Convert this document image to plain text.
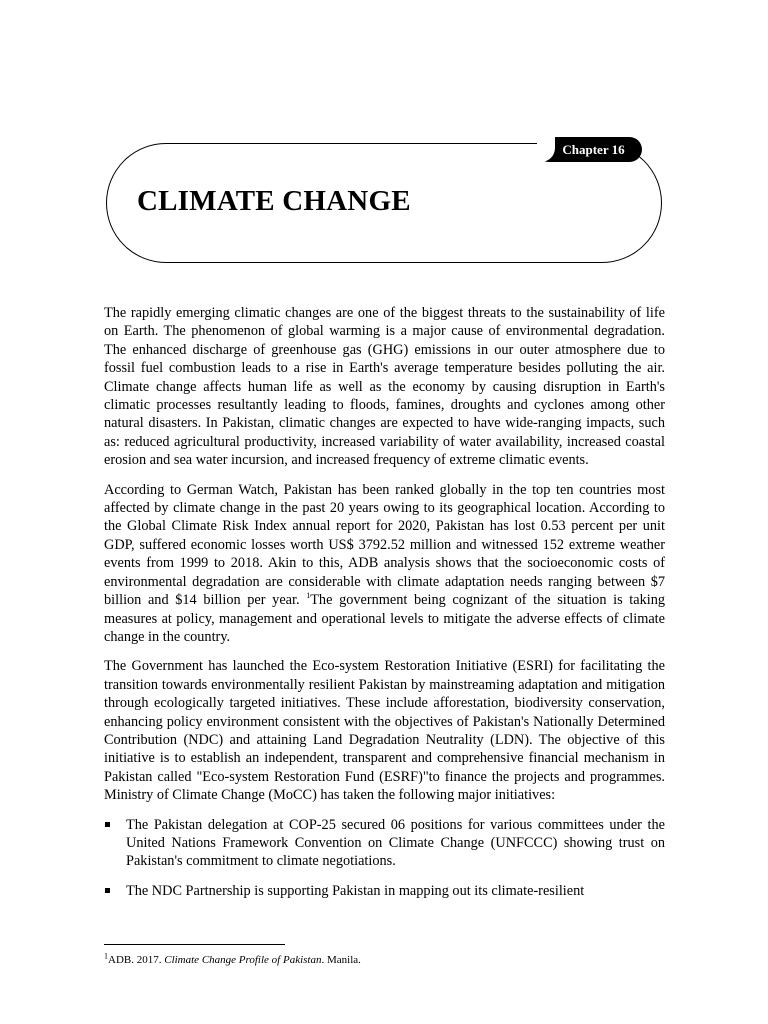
Chapter 16
CLIMATE CHANGE

The rapidly emerging climatic changes are one of the biggest threats to the sustainability of life on Earth. The phenomenon of global warming is a major cause of environmental degradation. The enhanced discharge of greenhouse gas (GHG) emissions in our outer atmosphere due to fossil fuel combustion leads to a rise in Earth's average temperature besides polluting the air. Climate change affects human life as well as the economy by causing disruption in Earth's climatic processes resultantly leading to floods, famines, droughts and cyclones among other natural disasters. In Pakistan, climatic changes are expected to have wide-ranging impacts, such as: reduced agricultural productivity, increased variability of water availability, increased coastal erosion and sea water incursion, and increased frequency of extreme climatic events.

According to German Watch, Pakistan has been ranked globally in the top ten countries most affected by climate change in the past 20 years owing to its geographical location. According to the Global Climate Risk Index annual report for 2020, Pakistan has lost 0.53 percent per unit GDP, suffered economic losses worth US$ 3792.52 million and witnessed 152 extreme weather events from 1999 to 2018. Akin to this, ADB analysis shows that the socioeconomic costs of environmental degradation are considerable with climate adaptation needs ranging between $7 billion and $14 billion per year. $^1$The government being cognizant of the situation is taking measures at policy, management and operational levels to mitigate the adverse effects of climate change in the country.

The Government has launched the Eco-system Restoration Initiative (ESRI) for facilitating the transition towards environmentally resilient Pakistan by mainstreaming adaptation and mitigation through ecologically targeted initiatives. These include afforestation, biodiversity conservation, enhancing policy environment consistent with the objectives of Pakistan's Nationally Determined Contribution (NDC) and attaining Land Degradation Neutrality (LDN). The objective of this initiative is to establish an independent, transparent and comprehensive financial mechanism in Pakistan called "Eco-system Restoration Fund (ESRF)"to finance the projects and programmes. Ministry of Climate Change (MoCC) has taken the following major initiatives:

The Pakistan delegation at COP-25 secured 06 positions for various committees under the United Nations Framework Convention on Climate Change (UNFCCC) showing trust on Pakistan's commitment to climate negotiations.
The NDC Partnership is supporting Pakistan in mapping out its climate-resilient
$^1$ADB. 2017. Climate Change Profile of Pakistan. Manila.
